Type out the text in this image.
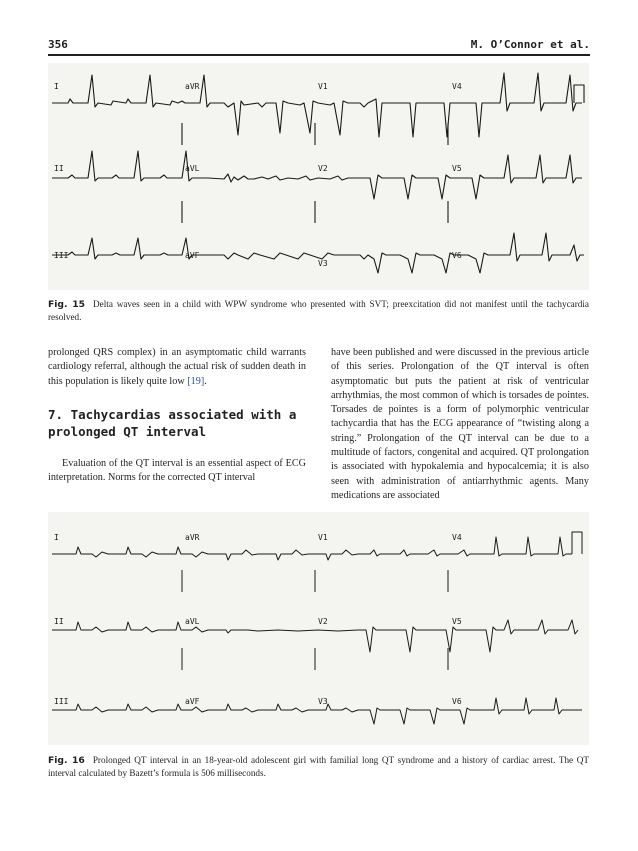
356	M. O’Connor et al.
I	aVR	V1	V4
II	aVL	V2	V5
III	aVF
V3
V6
Fig. 15 Delta waves seen in a child with WPW syndrome who presented with SVT; preexcitation did not manifest until the tachycardia resolved.

prolonged QRS complex) in an asymptomatic child warrants cardiology referral, although the actual risk of sudden death in this population is likely quite low [19].

7. Tachycardias associated with a prolonged QT interval

Evaluation of the QT interval is an essential aspect of ECG interpretation. Norms for the corrected QT interval

have been published and were discussed in the previous article of this series. Prolongation of the QT interval is often asymptomatic but puts the patient at risk of ventricular arrhythmias, the most common of which is torsades de pointes. Torsades de pointes is a form of polymorphic ventricular tachycardia that has the ECG appearance of “twisting along a string.” Prolongation of the QT interval can be due to a multitude of factors, congenital and acquired. QT prolongation is associated with hypokalemia and hypocalcemia; it is also seen with administration of antiarrhythmic agents. Many medications are associated

I	aVR	V1	V4
II	aVL	V2	V5
III	aVF	V3	V6
Fig. 16 Prolonged QT interval in an 18-year-old adolescent girl with familial long QT syndrome and a history of cardiac arrest. The QT interval calculated by Bazett’s formula is 506 milliseconds.
